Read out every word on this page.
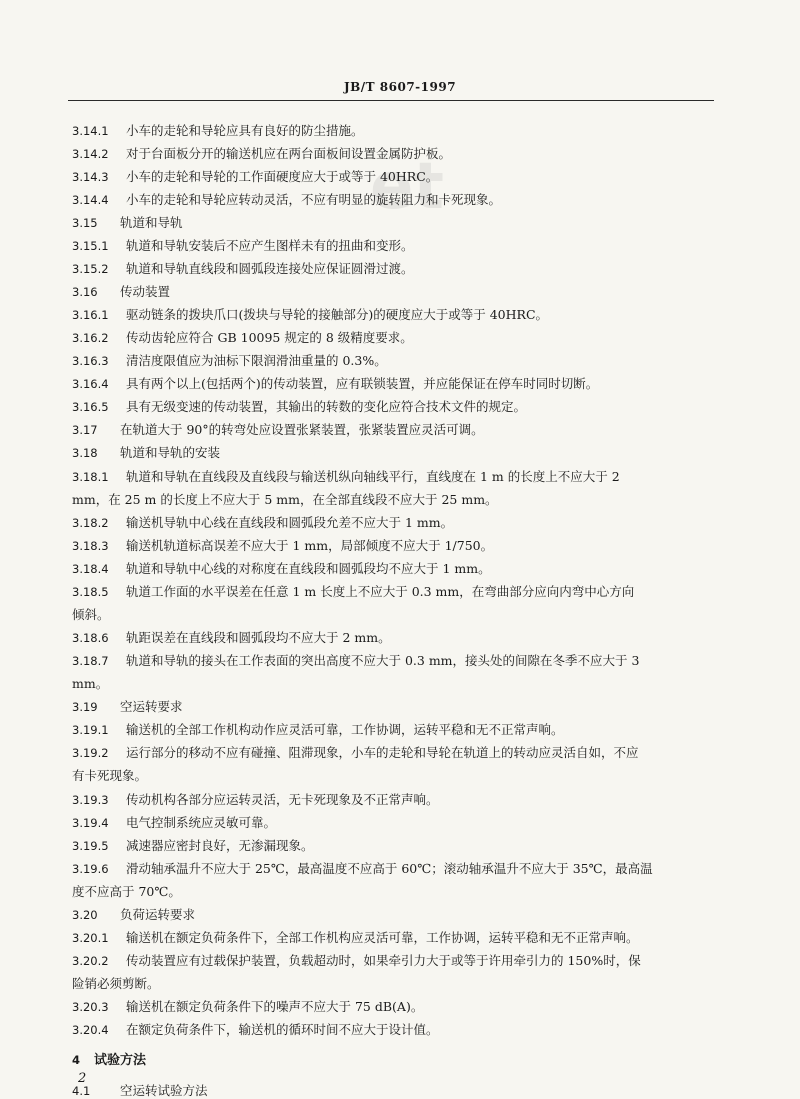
et
JB/T 8607-1997
3.14.1 小车的走轮和导轮应具有良好的防尘措施。
3.14.2 对于台面板分开的输送机应在两台面板间设置金属防护板。
3.14.3 小车的走轮和导轮的工作面硬度应大于或等于 40HRC。
3.14.4 小车的走轮和导轮应转动灵活，不应有明显的旋转阻力和卡死现象。
3.15 轨道和导轨
3.15.1 轨道和导轨安装后不应产生图样未有的扭曲和变形。
3.15.2 轨道和导轨直线段和圆弧段连接处应保证圆滑过渡。
3.16 传动装置
3.16.1 驱动链条的拨块爪口(拨块与导轮的接触部分)的硬度应大于或等于 40HRC。
3.16.2 传动齿轮应符合 GB 10095 规定的 8 级精度要求。
3.16.3 清洁度限值应为油标下限润滑油重量的 0.3%。
3.16.4 具有两个以上(包括两个)的传动装置，应有联锁装置，并应能保证在停车时同时切断。
3.16.5 具有无级变速的传动装置，其输出的转数的变化应符合技术文件的规定。
3.17 在轨道大于 90°的转弯处应设置张紧装置，张紧装置应灵活可调。
3.18 轨道和导轨的安装
3.18.1 轨道和导轨在直线段及直线段与输送机纵向轴线平行，直线度在 1 m 的长度上不应大于 2
mm，在 25 m 的长度上不应大于 5 mm，在全部直线段不应大于 25 mm。
3.18.2 输送机导轨中心线在直线段和圆弧段允差不应大于 1 mm。
3.18.3 输送机轨道标高误差不应大于 1 mm，局部倾度不应大于 1/750。
3.18.4 轨道和导轨中心线的对称度在直线段和圆弧段均不应大于 1 mm。
3.18.5 轨道工作面的水平误差在任意 1 m 长度上不应大于 0.3 mm，在弯曲部分应向内弯中心方向
倾斜。
3.18.6 轨距误差在直线段和圆弧段均不应大于 2 mm。
3.18.7 轨道和导轨的接头在工作表面的突出高度不应大于 0.3 mm，接头处的间隙在冬季不应大于 3
mm。
3.19 空运转要求
3.19.1 输送机的全部工作机构动作应灵活可靠，工作协调，运转平稳和无不正常声响。
3.19.2 运行部分的移动不应有碰撞、阻滞现象，小车的走轮和导轮在轨道上的转动应灵活自如，不应
有卡死现象。
3.19.3 传动机构各部分应运转灵活，无卡死现象及不正常声响。
3.19.4 电气控制系统应灵敏可靠。
3.19.5 减速器应密封良好，无渗漏现象。
3.19.6 滑动轴承温升不应大于 25℃，最高温度不应高于 60℃；滚动轴承温升不应大于 35℃，最高温
度不应高于 70℃。
3.20 负荷运转要求
3.20.1 输送机在额定负荷条件下，全部工作机构应灵活可靠，工作协调，运转平稳和无不正常声响。
3.20.2 传动装置应有过载保护装置，负载超动时，如果牵引力大于或等于许用牵引力的 150%时，保
险销必须剪断。
3.20.3 输送机在额定负荷条件下的噪声不应大于 75 dB(A)。
3.20.4 在额定负荷条件下，输送机的循环时间不应大于设计值。
4 试验方法
4.1 空运转试验方法
2
